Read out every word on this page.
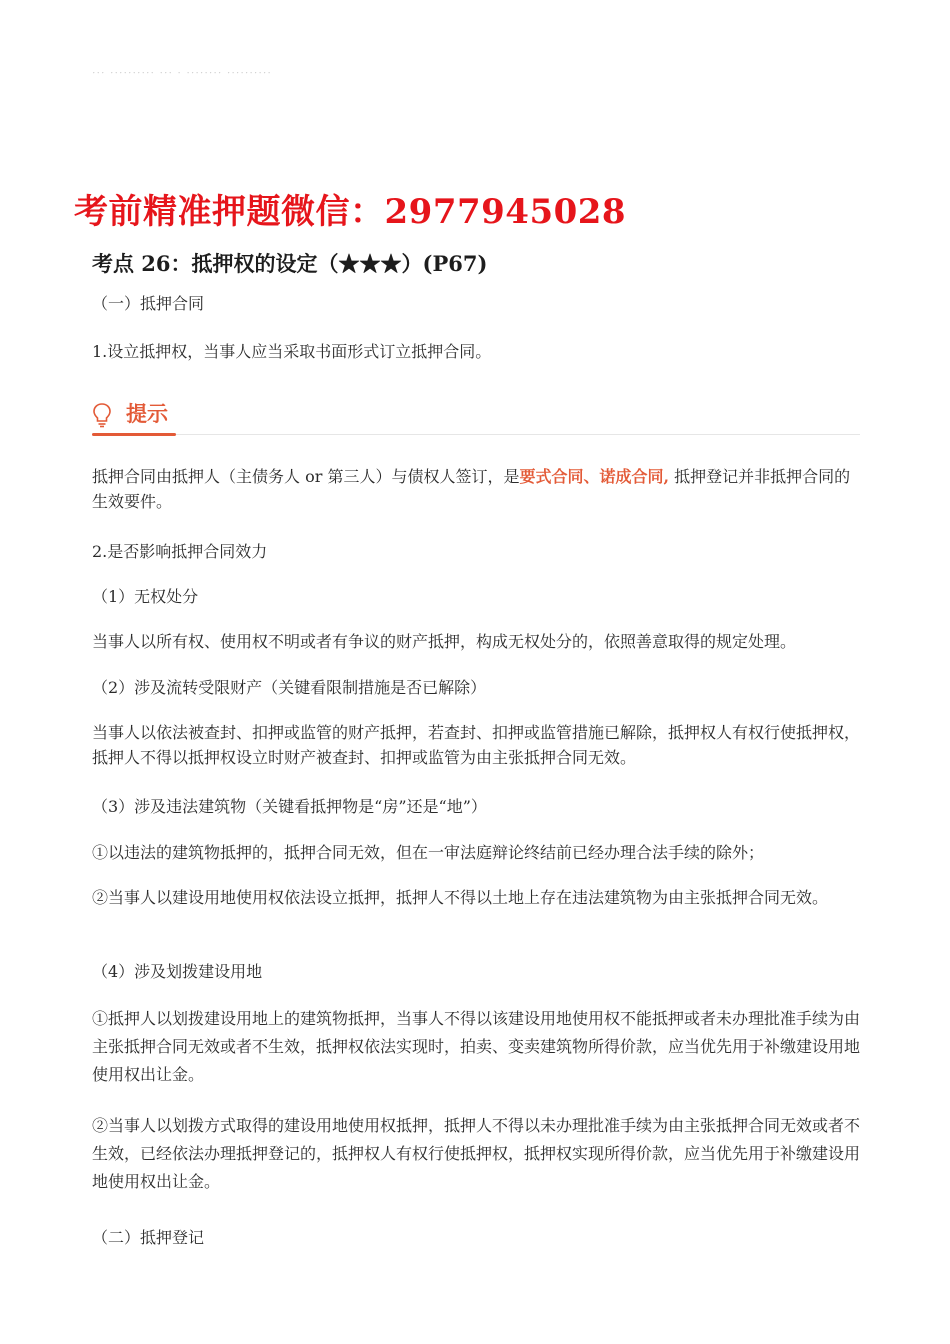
··· ·········· ··· · ········ ··········
考前精准押题微信：2977945028
考点 26：抵押权的设定（★★★）(P67)
（一）抵押合同
1.设立抵押权，当事人应当采取书面形式订立抵押合同。
提示
抵押合同由抵押人（主债务人 or 第三人）与债权人签订，是要式合同、诺成合同, 抵押登记并非抵押合同的生效要件。
2.是否影响抵押合同效力
（1）无权处分
当事人以所有权、使用权不明或者有争议的财产抵押，构成无权处分的，依照善意取得的规定处理。
（2）涉及流转受限财产（关键看限制措施是否已解除）
当事人以依法被查封、扣押或监管的财产抵押，若查封、扣押或监管措施已解除，抵押权人有权行使抵押权，抵押人不得以抵押权设立时财产被查封、扣押或监管为由主张抵押合同无效。
（3）涉及违法建筑物（关键看抵押物是“房”还是“地”）
①以违法的建筑物抵押的，抵押合同无效，但在一审法庭辩论终结前已经办理合法手续的除外；
②当事人以建设用地使用权依法设立抵押，抵押人不得以土地上存在违法建筑物为由主张抵押合同无效。
（4）涉及划拨建设用地
①抵押人以划拨建设用地上的建筑物抵押，当事人不得以该建设用地使用权不能抵押或者未办理批准手续为由主张抵押合同无效或者不生效，抵押权依法实现时，拍卖、变卖建筑物所得价款，应当优先用于补缴建设用地使用权出让金。
②当事人以划拨方式取得的建设用地使用权抵押，抵押人不得以未办理批准手续为由主张抵押合同无效或者不生效，已经依法办理抵押登记的，抵押权人有权行使抵押权，抵押权实现所得价款，应当优先用于补缴建设用地使用权出让金。
（二）抵押登记
